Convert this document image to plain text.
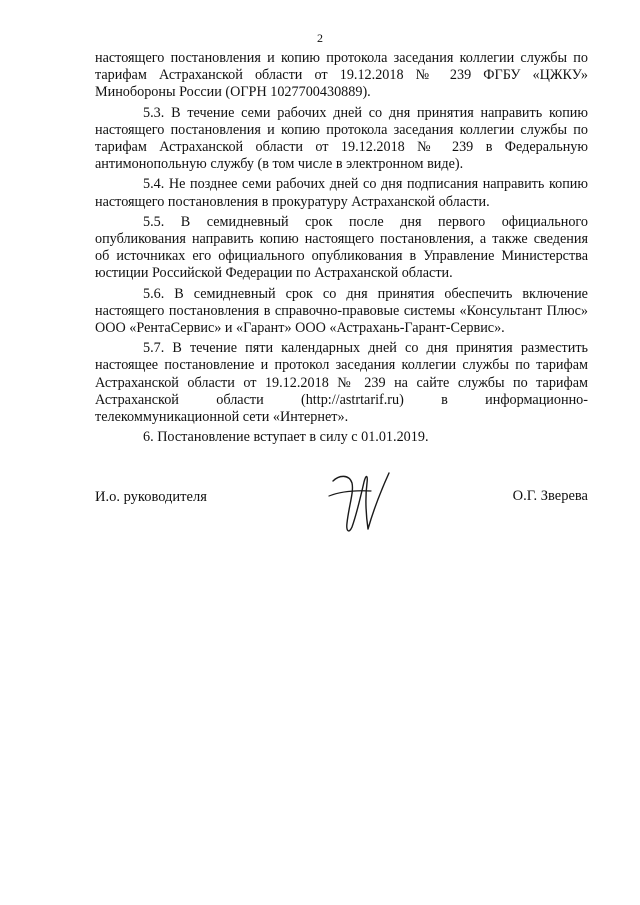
2

настоящего постановления и копию протокола заседания коллегии службы по тарифам Астраханской области от 19.12.2018 № 239 ФГБУ «ЦЖКУ» Минобороны России (ОГРН 1027700430889).

5.3. В течение семи рабочих дней со дня принятия направить копию настоящего постановления и копию протокола заседания коллегии службы по тарифам Астраханской области от 19.12.2018 № 239 в Федеральную антимонопольную службу (в том числе в электронном виде).

5.4. Не позднее семи рабочих дней со дня подписания направить копию настоящего постановления в прокуратуру Астраханской области.

5.5. В семидневный срок после дня первого официального опубликования направить копию настоящего постановления, а также сведения об источниках его официального опубликования в Управление Министерства юстиции Российской Федерации по Астраханской области.

5.6. В семидневный срок со дня принятия обеспечить включение настоящего постановления в справочно-правовые системы «Консультант Плюс» ООО «РентаСервис» и «Гарант» ООО «Астрахань-Гарант-Сервис».

5.7. В течение пяти календарных дней со дня принятия разместить настоящее постановление и протокол заседания коллегии службы по тарифам Астраханской области от 19.12.2018 № 239 на сайте службы по тарифам Астраханской области (http://astrtarif.ru) в информационно-телекоммуникационной сети «Интернет».

6. Постановление вступает в силу с 01.01.2019.

И.о. руководителя	О.Г. Зверева
